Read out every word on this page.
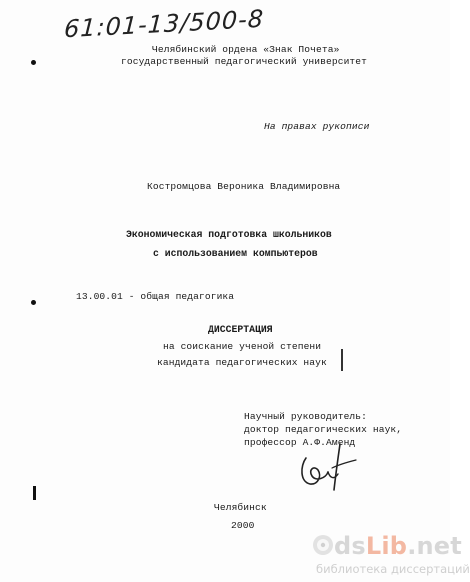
61:01-13/500-8
Челябинский ордена «Знак Почета»
государственный педагогический университет
На правах рукописи
Костромцова Вероника Владимировна
Экономическая подготовка школьников
с использованием компьютеров
13.00.01 - общая педагогика
ДИССЕРТАЦИЯ
на соискание ученой степени
кандидата педагогических наук
Научный руководитель:
доктор педагогических наук,
профессор А.Ф.Аменд
Челябинск
2000
dsLib.net
библиотека диссертаций
